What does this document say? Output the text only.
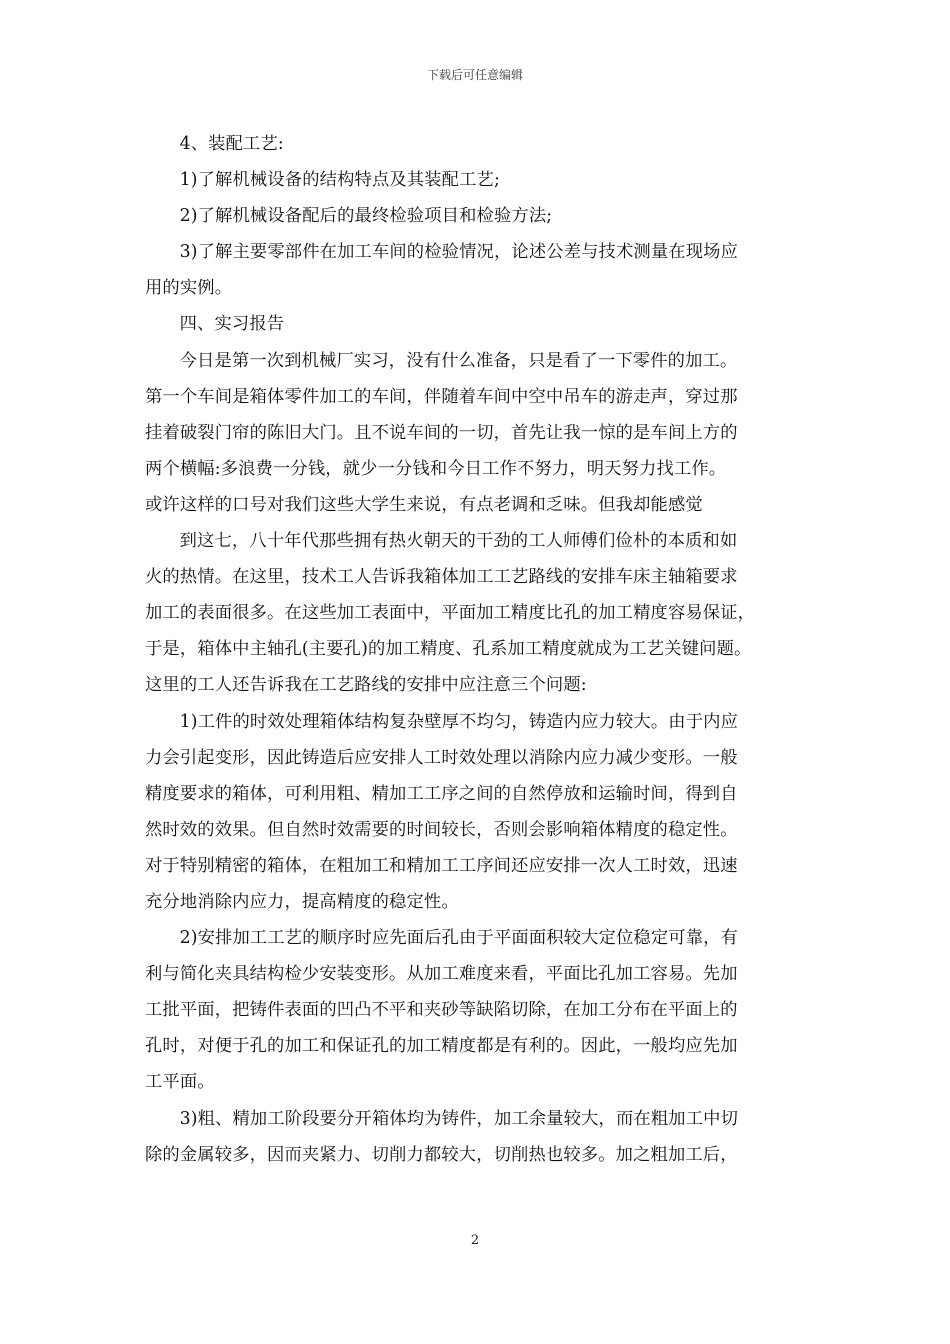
下载后可任意编辑

4、装配工艺:

1)了解机械设备的结构特点及其装配工艺;

2)了解机械设备配后的最终检验项目和检验方法;

3)了解主要零部件在加工车间的检验情况，论述公差与技术测量在现场应
用的实例。

四、实习报告

今日是第一次到机械厂实习，没有什么准备，只是看了一下零件的加工。
第一个车间是箱体零件加工的车间，伴随着车间中空中吊车的游走声，穿过那
挂着破裂门帘的陈旧大门。且不说车间的一切，首先让我一惊的是车间上方的
两个横幅:多浪费一分钱，就少一分钱和今日工作不努力，明天努力找工作。
或许这样的口号对我们这些大学生来说，有点老调和乏味。但我却能感觉

到这七，八十年代那些拥有热火朝天的干劲的工人师傅们俭朴的本质和如
火的热情。在这里，技术工人告诉我箱体加工工艺路线的安排车床主轴箱要求
加工的表面很多。在这些加工表面中，平面加工精度比孔的加工精度容易保证，
于是，箱体中主轴孔(主要孔)的加工精度、孔系加工精度就成为工艺关键问题。
这里的工人还告诉我在工艺路线的安排中应注意三个问题:

1)工件的时效处理箱体结构复杂壁厚不均匀，铸造内应力较大。由于内应
力会引起变形，因此铸造后应安排人工时效处理以消除内应力减少变形。一般
精度要求的箱体，可利用粗、精加工工序之间的自然停放和运输时间，得到自
然时效的效果。但自然时效需要的时间较长，否则会影响箱体精度的稳定性。
对于特别精密的箱体，在粗加工和精加工工序间还应安排一次人工时效，迅速
充分地消除内应力，提高精度的稳定性。

2)安排加工工艺的顺序时应先面后孔由于平面面积较大定位稳定可靠，有
利与简化夹具结构检少安装变形。从加工难度来看，平面比孔加工容易。先加
工批平面，把铸件表面的凹凸不平和夹砂等缺陷切除，在加工分布在平面上的
孔时，对便于孔的加工和保证孔的加工精度都是有利的。因此，一般均应先加
工平面。

3)粗、精加工阶段要分开箱体均为铸件，加工余量较大，而在粗加工中切
除的金属较多，因而夹紧力、切削力都较大，切削热也较多。加之粗加工后，

2
